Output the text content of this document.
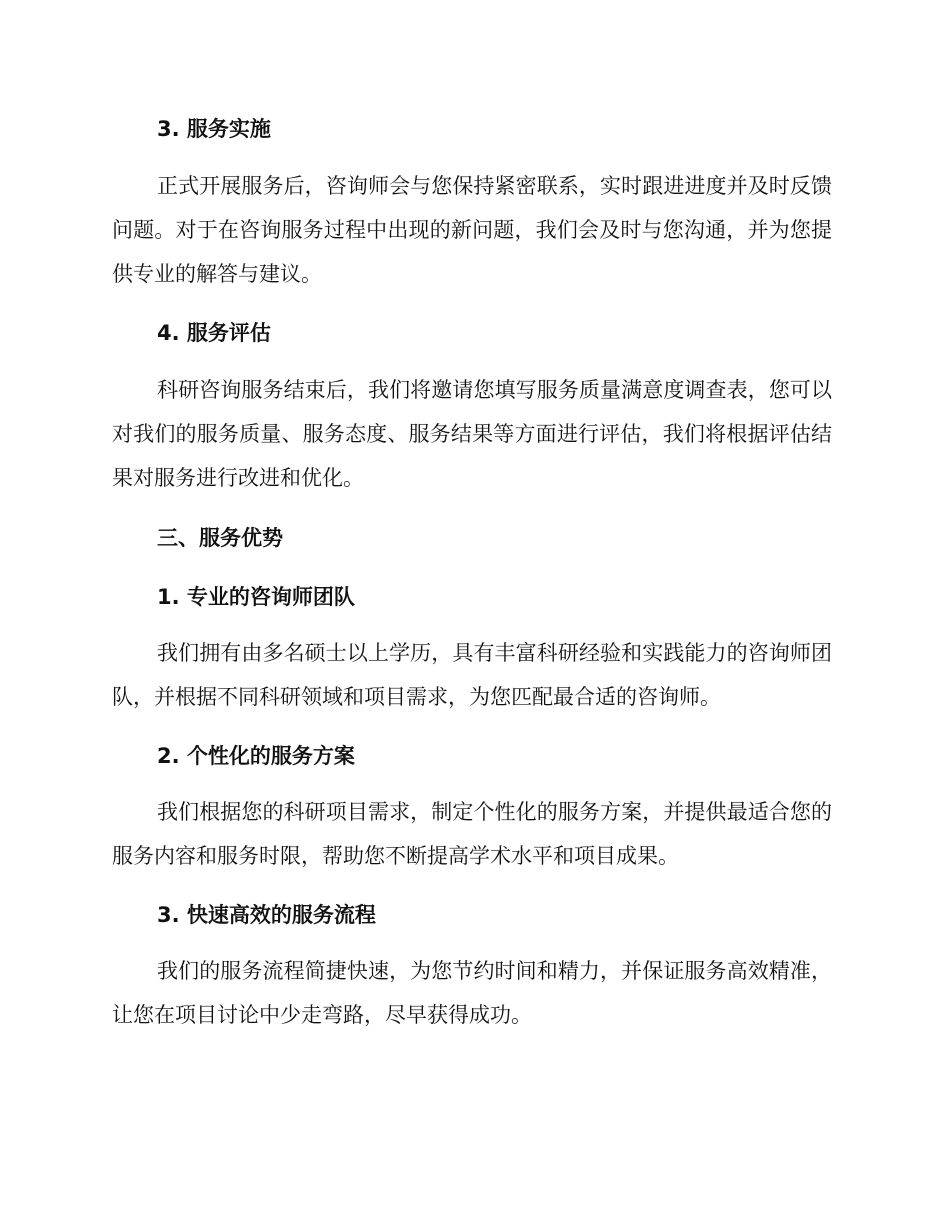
3. 服务实施

正式开展服务后，咨询师会与您保持紧密联系，实时跟进进度并及时反馈问题。对于在咨询服务过程中出现的新问题，我们会及时与您沟通，并为您提供专业的解答与建议。

4. 服务评估

科研咨询服务结束后，我们将邀请您填写服务质量满意度调查表，您可以对我们的服务质量、服务态度、服务结果等方面进行评估，我们将根据评估结果对服务进行改进和优化。

三、服务优势
1. 专业的咨询师团队

我们拥有由多名硕士以上学历，具有丰富科研经验和实践能力的咨询师团队，并根据不同科研领域和项目需求，为您匹配最合适的咨询师。

2. 个性化的服务方案

我们根据您的科研项目需求，制定个性化的服务方案，并提供最适合您的服务内容和服务时限，帮助您不断提高学术水平和项目成果。

3. 快速高效的服务流程

我们的服务流程简捷快速，为您节约时间和精力，并保证服务高效精准，让您在项目讨论中少走弯路，尽早获得成功。
